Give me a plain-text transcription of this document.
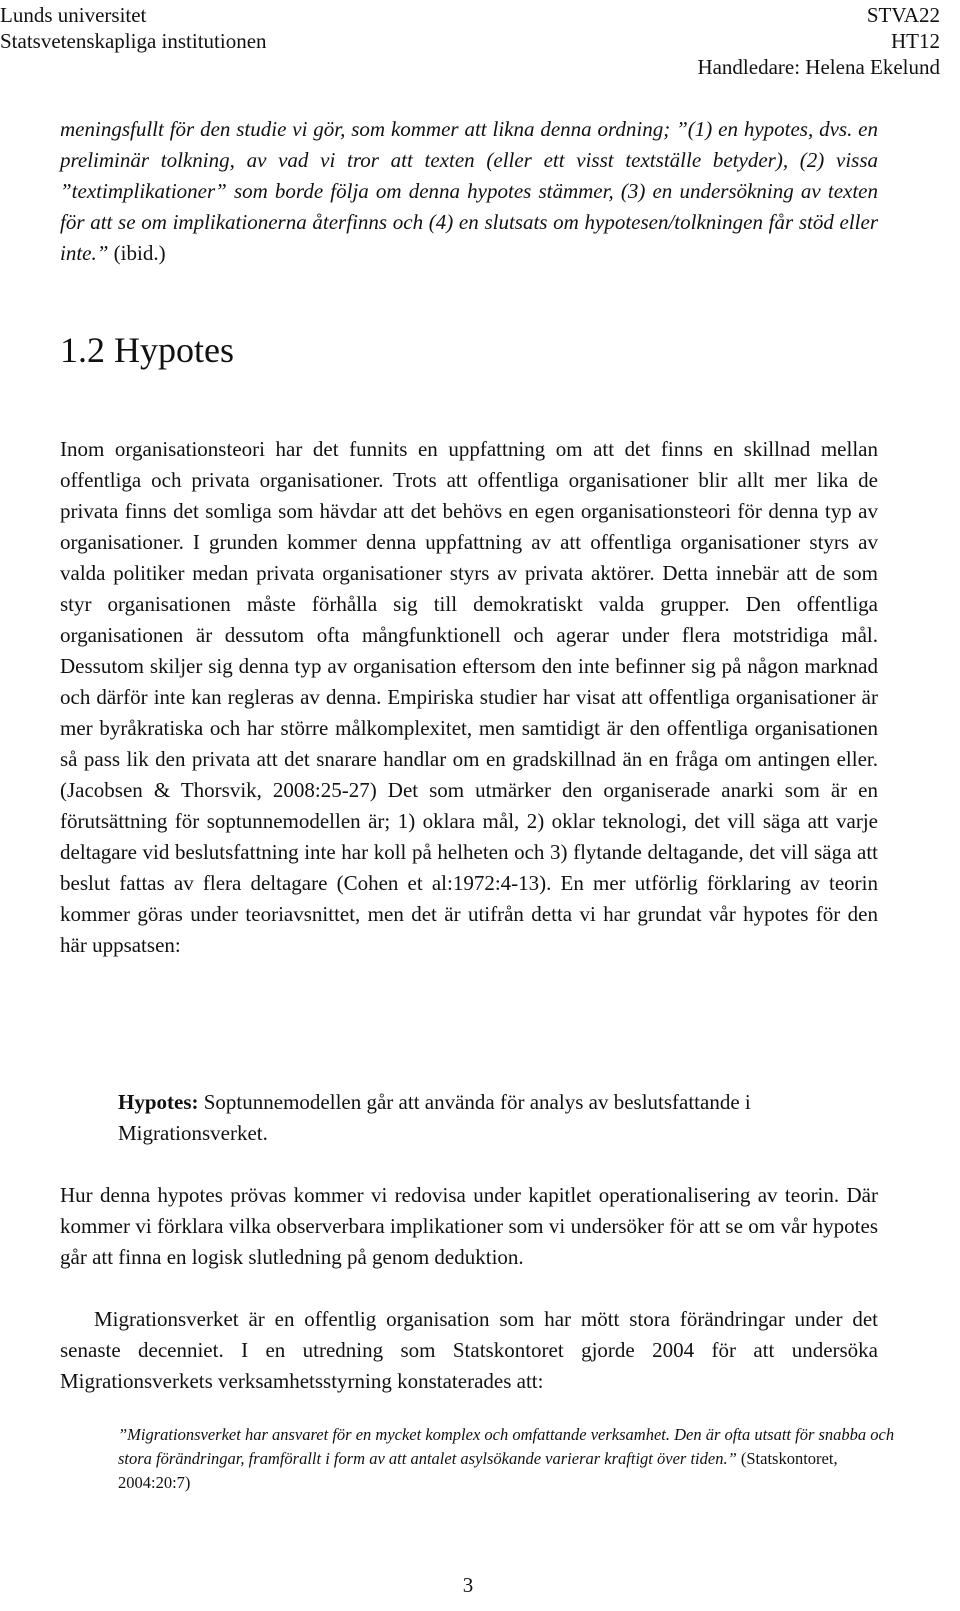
Lunds universitet
Statsvetenskapliga institutionen
STVA22
HT12
Handledare: Helena Ekelund

meningsfullt för den studie vi gör, som kommer att likna denna ordning; ”(1) en hypotes, dvs. en preliminär tolkning, av vad vi tror att texten (eller ett visst textställe betyder), (2) vissa ”textimplikationer” som borde följa om denna hypotes stämmer, (3) en undersökning av texten för att se om implikationerna återfinns och (4) en slutsats om hypotesen/tolkningen får stöd eller inte.” (ibid.)

1.2 Hypotes

Inom organisationsteori har det funnits en uppfattning om att det finns en skillnad mellan offentliga och privata organisationer. Trots att offentliga organisationer blir allt mer lika de privata finns det somliga som hävdar att det behövs en egen organisationsteori för denna typ av organisationer. I grunden kommer denna uppfattning av att offentliga organisationer styrs av valda politiker medan privata organisationer styrs av privata aktörer. Detta innebär att de som styr organisationen måste förhålla sig till demokratiskt valda grupper. Den offentliga organisationen är dessutom ofta mångfunktionell och agerar under flera motstridiga mål. Dessutom skiljer sig denna typ av organisation eftersom den inte befinner sig på någon marknad och därför inte kan regleras av denna. Empiriska studier har visat att offentliga organisationer är mer byråkratiska och har större målkomplexitet, men samtidigt är den offentliga organisationen så pass lik den privata att det snarare handlar om en gradskillnad än en fråga om antingen eller. (Jacobsen & Thorsvik, 2008:25-27) Det som utmärker den organiserade anarki som är en förutsättning för soptunnemodellen är; 1) oklara mål, 2) oklar teknologi, det vill säga att varje deltagare vid beslutsfattning inte har koll på helheten och 3) flytande deltagande, det vill säga att beslut fattas av flera deltagare (Cohen et al:1972:4-13). En mer utförlig förklaring av teorin kommer göras under teoriavsnittet, men det är utifrån detta vi har grundat vår hypotes för den här uppsatsen:

Hypotes: Soptunnemodellen går att använda för analys av beslutsfattande i Migrationsverket.

Hur denna hypotes prövas kommer vi redovisa under kapitlet operationalisering av teorin. Där kommer vi förklara vilka observerbara implikationer som vi undersöker för att se om vår hypotes går att finna en logisk slutledning på genom deduktion.

Migrationsverket är en offentlig organisation som har mött stora förändringar under det senaste decenniet. I en utredning som Statskontoret gjorde 2004 för att undersöka Migrationsverkets verksamhetsstyrning konstaterades att:

”Migrationsverket har ansvaret för en mycket komplex och omfattande verksamhet. Den är ofta utsatt för snabba och stora förändringar, framförallt i form av att antalet asylsökande varierar kraftigt över tiden.” (Statskontoret, 2004:20:7)

3
